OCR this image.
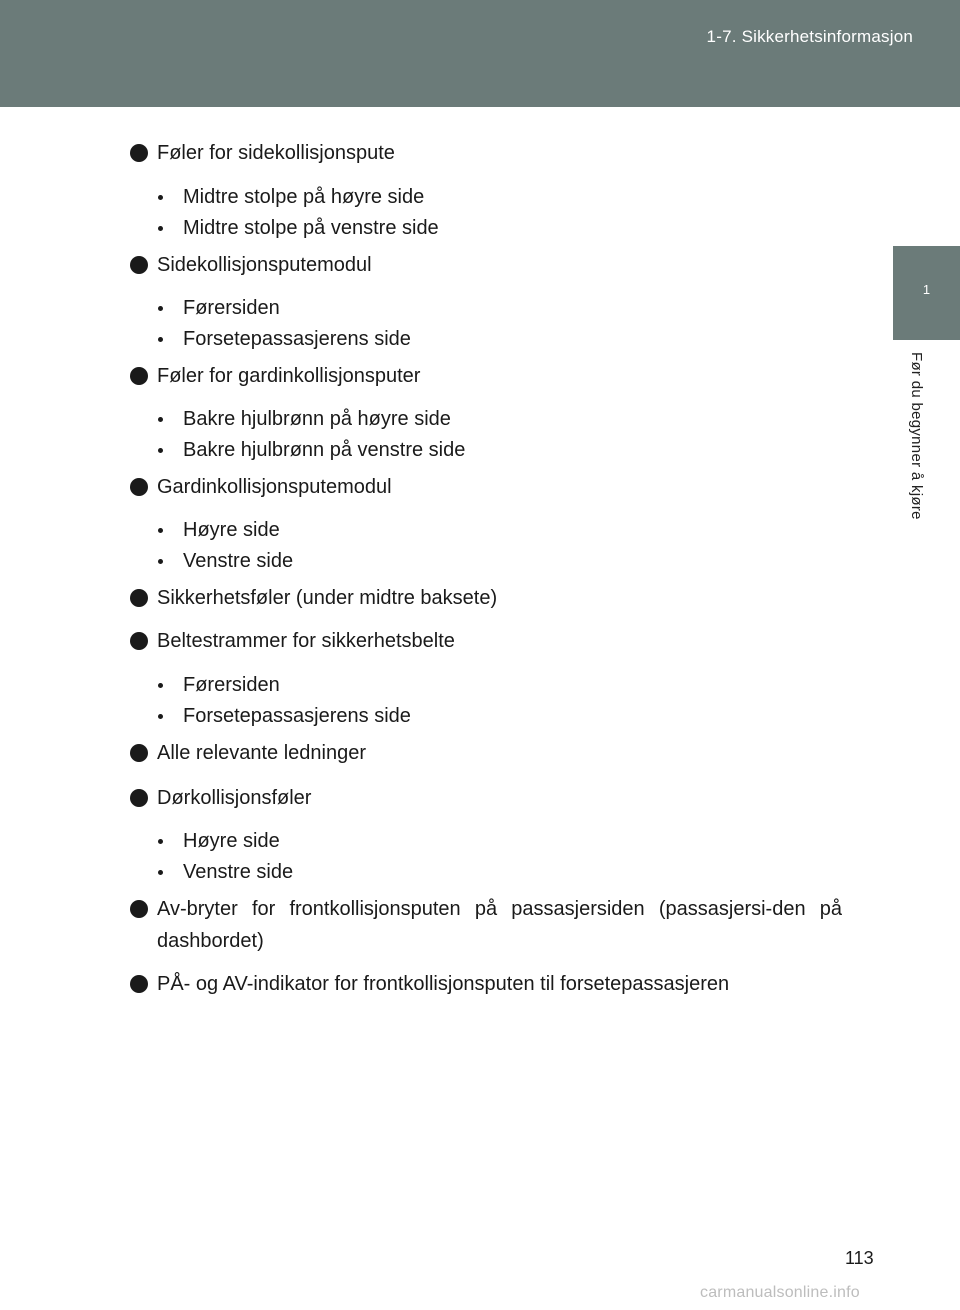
1-7. Sikkerhetsinformasjon
1
Før du begynner å kjøre
Føler for sidekollisjonspute
Midtre stolpe på høyre side
Midtre stolpe på venstre side
Sidekollisjonsputemodul
Førersiden
Forsetepassasjerens side
Føler for gardinkollisjonsputer
Bakre hjulbrønn på høyre side
Bakre hjulbrønn på venstre side
Gardinkollisjonsputemodul
Høyre side
Venstre side
Sikkerhetsføler (under midtre baksete)
Beltestrammer for sikkerhetsbelte
Førersiden
Forsetepassasjerens side
Alle relevante ledninger
Dørkollisjonsføler
Høyre side
Venstre side
Av-bryter for frontkollisjonsputen på passasjersiden (passasjersi-den på dashbordet)
PÅ- og AV-indikator for frontkollisjonsputen til forsetepassasjeren
113
carmanualsonline.info
